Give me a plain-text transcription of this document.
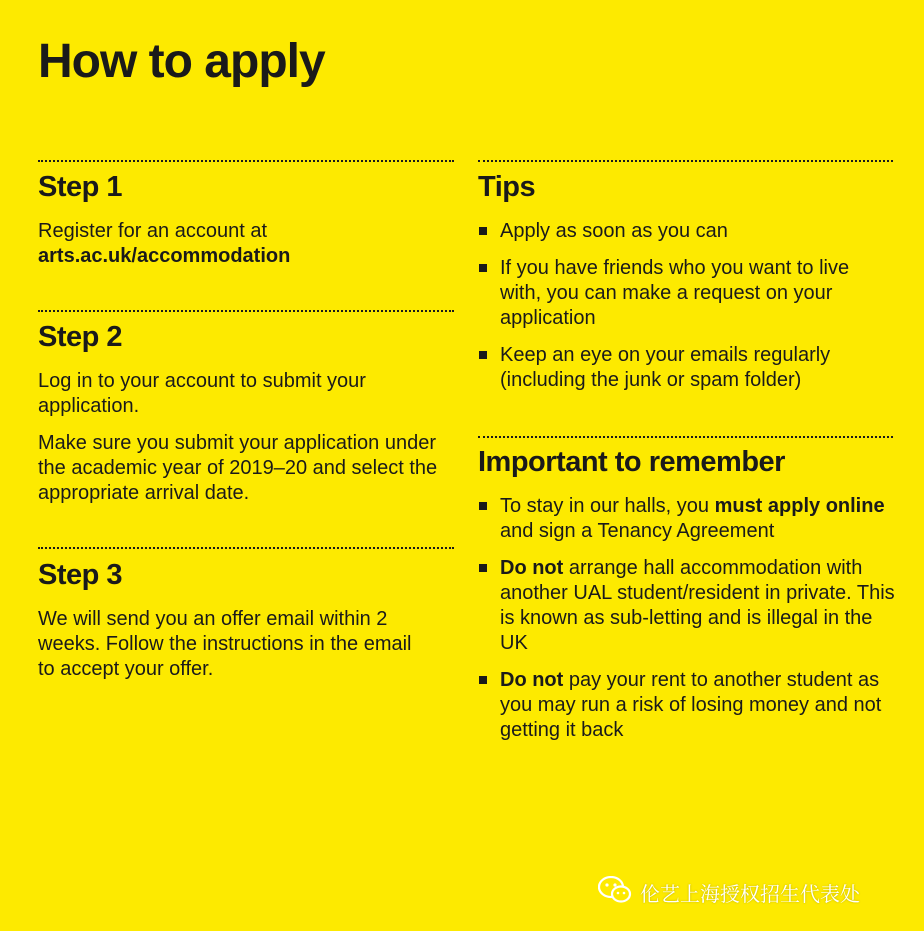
How to apply
Step 1
Register for an account at
arts.ac.uk/accommodation
Step 2
Log in to your account to submit your application.
Make sure you submit your application under the academic year of 2019–20 and select the appropriate arrival date.
Step 3
We will send you an offer email within 2 weeks. Follow the instructions in the email to accept your offer.
Tips
Apply as soon as you can
If you have friends who you want to live with, you can make a request on your application
Keep an eye on your emails regularly (including the junk or spam folder)
Important to remember
To stay in our halls, you must apply online and sign a Tenancy Agreement
Do not arrange hall accommodation with another UAL student/resident in private. This is known as sub-letting and is illegal in the UK
Do not pay your rent to another student as you may run a risk of losing money and not getting it back
伦艺上海授权招生代表处
